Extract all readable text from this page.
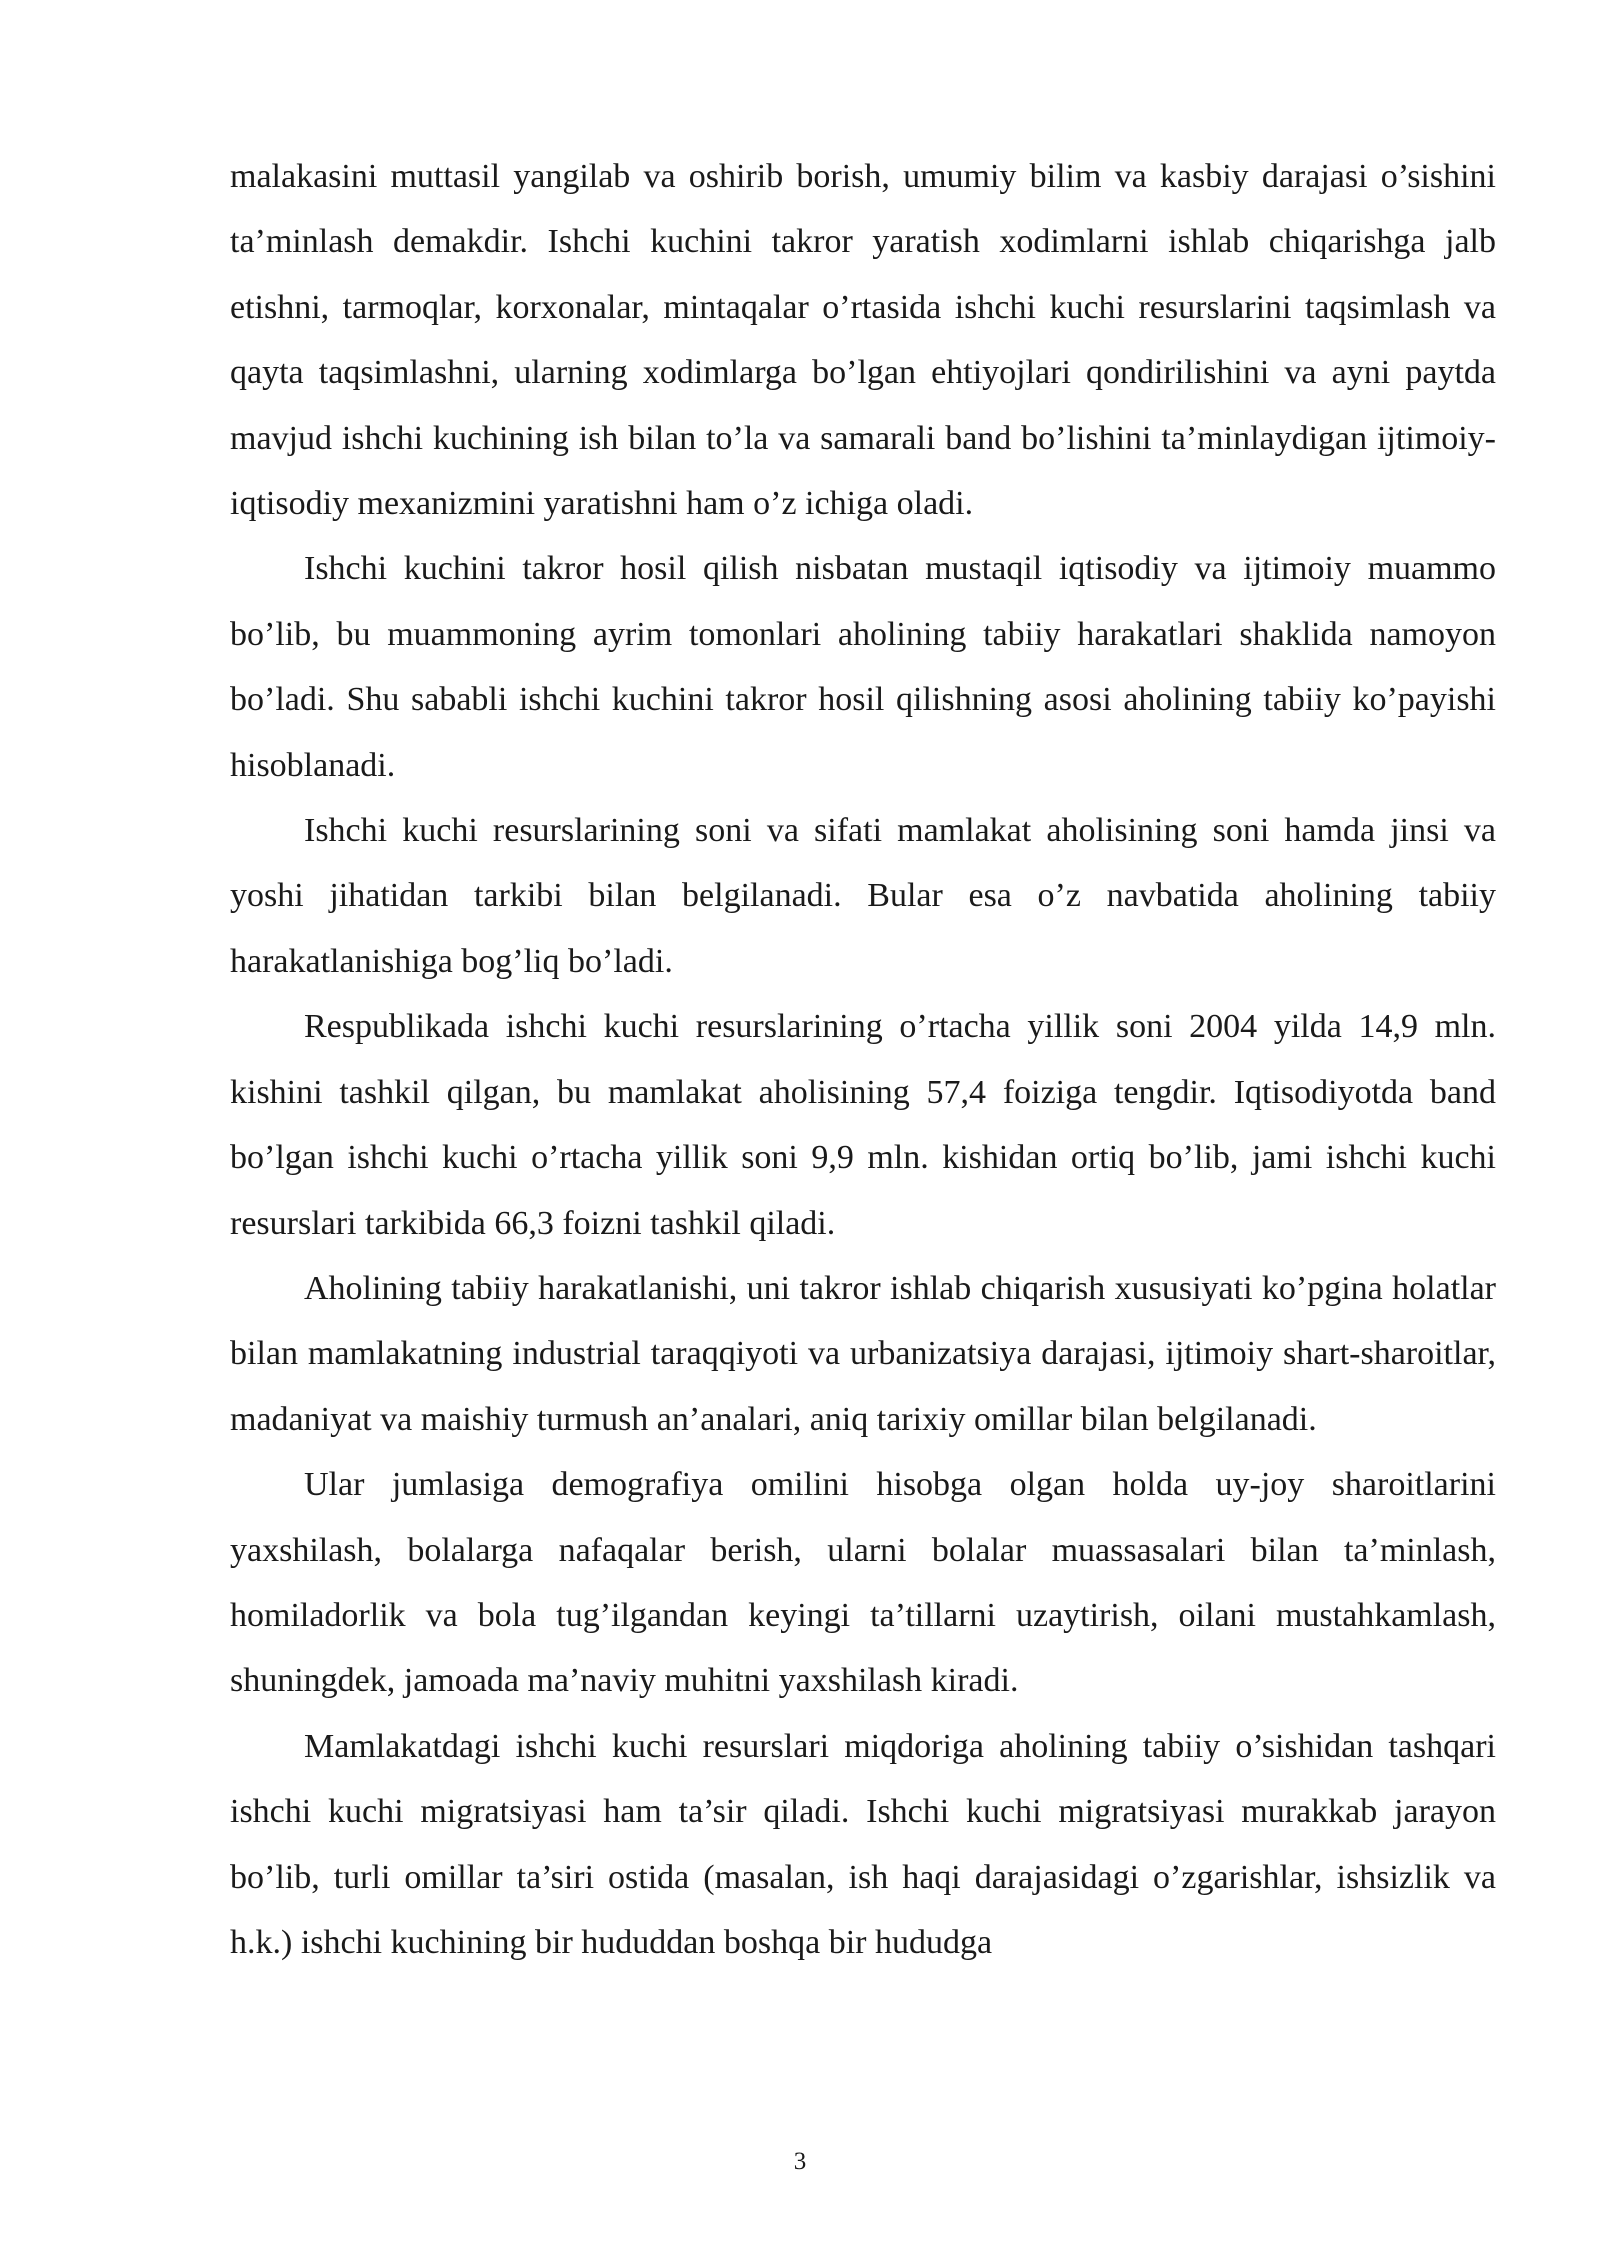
malakasini muttasil yangilab va oshirib borish, umumiy bilim va kasbiy darajasi o’sishini ta’minlash demakdir. Ishchi kuchini takror yaratish xodimlarni ishlab chiqarishga jalb etishni, tarmoqlar, korxonalar, mintaqalar o’rtasida ishchi kuchi resurslarini taqsimlash va qayta taqsimlashni, ularning xodimlarga bo’lgan ehtiyojlari qondirilishini va ayni paytda mavjud ishchi kuchining ish bilan to’la va samarali band bo’lishini ta’minlaydigan ijtimoiy-iqtisodiy mexanizmini yaratishni ham o’z ichiga oladi.

Ishchi kuchini takror hosil qilish nisbatan mustaqil iqtisodiy va ijtimoiy muammo bo’lib, bu muammoning ayrim tomonlari aholining tabiiy harakatlari shaklida namoyon bo’ladi. Shu sababli ishchi kuchini takror hosil qilishning asosi aholining tabiiy ko’payishi hisoblanadi.

Ishchi kuchi resurslarining soni va sifati mamlakat aholisining soni hamda jinsi va yoshi jihatidan tarkibi bilan belgilanadi. Bular esa o’z navbatida aholining tabiiy harakatlanishiga bog’liq bo’ladi.

Respublikada ishchi kuchi resurslarining o’rtacha yillik soni 2004 yilda 14,9 mln. kishini tashkil qilgan, bu mamlakat aholisining 57,4 foiziga tengdir. Iqtisodiyotda band bo’lgan ishchi kuchi o’rtacha yillik soni 9,9 mln. kishidan ortiq bo’lib, jami ishchi kuchi resurslari tarkibida 66,3 foizni tashkil qiladi.

Aholining tabiiy harakatlanishi, uni takror ishlab chiqarish xususiyati ko’pgina holatlar bilan mamlakatning industrial taraqqiyoti va urbanizatsiya darajasi, ijtimoiy shart-sharoitlar, madaniyat va maishiy turmush an’analari, aniq tarixiy omillar bilan belgilanadi.

Ular jumlasiga demografiya omilini hisobga olgan holda uy-joy sharoitlarini yaxshilash, bolalarga nafaqalar berish, ularni bolalar muassasalari bilan ta’minlash, homiladorlik va bola tug’ilgandan keyingi ta’tillarni uzaytirish, oilani mustahkamlash, shuningdek, jamoada ma’naviy muhitni yaxshilash kiradi.

Mamlakatdagi ishchi kuchi resurslari miqdoriga aholining tabiiy o’sishidan tashqari ishchi kuchi migratsiyasi ham ta’sir qiladi. Ishchi kuchi migratsiyasi murakkab jarayon bo’lib, turli omillar ta’siri ostida (masalan, ish haqi darajasidagi o’zgarishlar, ishsizlik va h.k.) ishchi kuchining bir hududdan boshqa bir hududga

3
